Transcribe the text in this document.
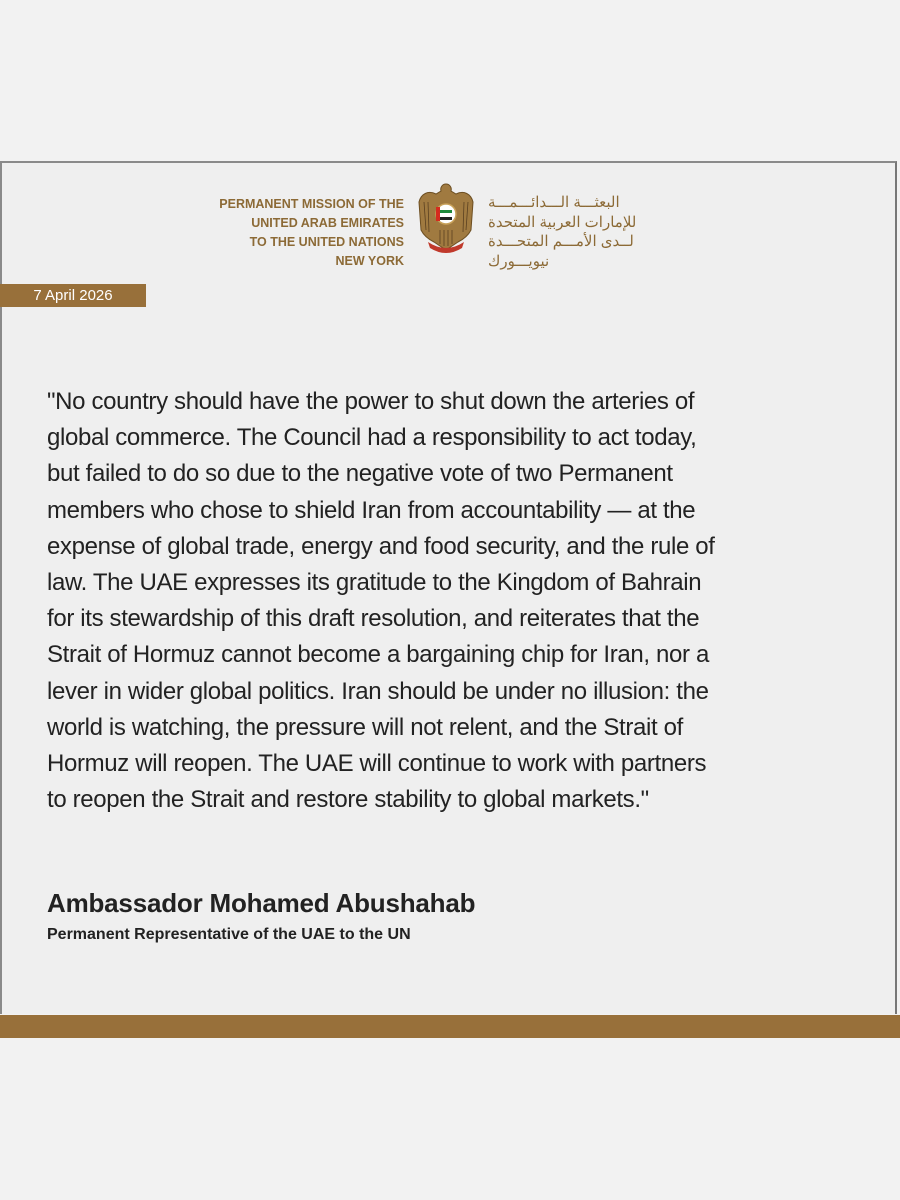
PERMANENT MISSION OF THE
UNITED ARAB EMIRATES
TO THE UNITED NATIONS
NEW YORK
البعثـــة الـــدائـــمـــة
للإمارات العربية المتحدة
لــدى الأمـــم المتحـــدة
نيويـــورك
7 April 2026
"No country should have the power to shut down the arteries of
global commerce. The Council had a responsibility to act today,
but failed to do so due to the negative vote of two Permanent
members who chose to shield Iran from accountability — at the
expense of global trade, energy and food security, and the rule of
law. The UAE expresses its gratitude to the Kingdom of Bahrain
for its stewardship of this draft resolution, and reiterates that the
Strait of Hormuz cannot become a bargaining chip for Iran, nor a
lever in wider global politics. Iran should be under no illusion: the
world is watching, the pressure will not relent, and the Strait of
Hormuz will reopen. The UAE will continue to work with partners
to reopen the Strait and restore stability to global markets."
Ambassador Mohamed Abushahab
Permanent Representative of the UAE to the UN
